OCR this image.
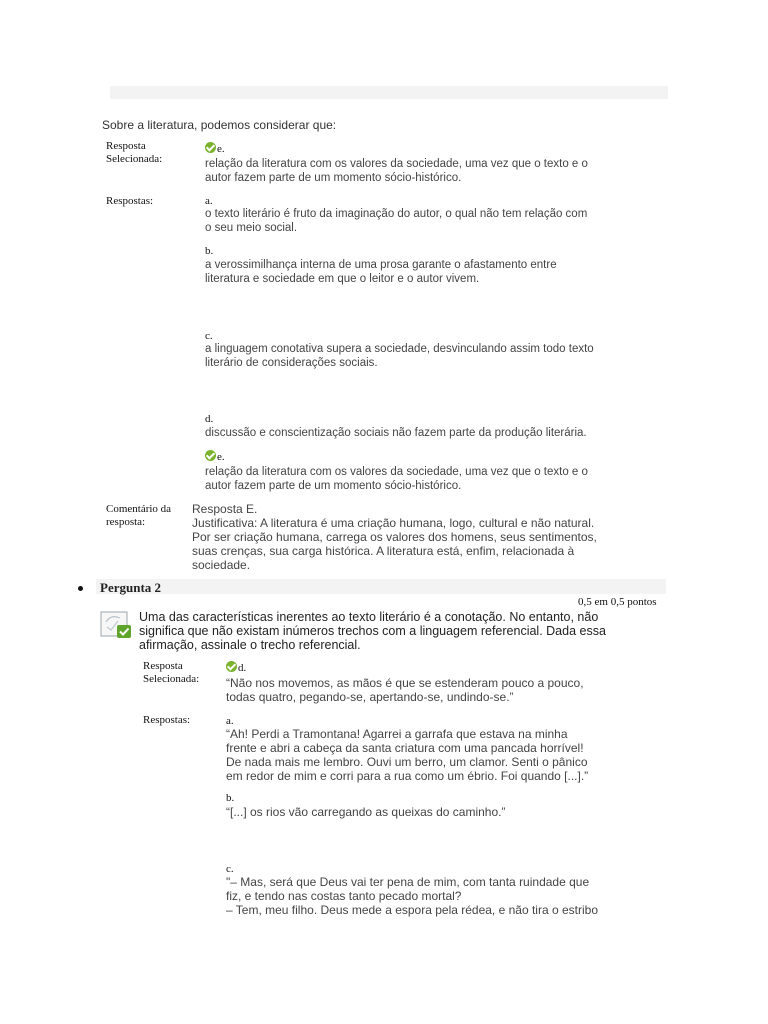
Sobre a literatura, podemos considerar que:
Resposta
Selecionada:
e.
relação da literatura com os valores da sociedade, uma vez que o texto e o
autor fazem parte de um momento sócio-histórico.
Respostas:	a.
o texto literário é fruto da imaginação do autor, o qual não tem relação com
o seu meio social.
b.
a verossimilhança interna de uma prosa garante o afastamento entre
literatura e sociedade em que o leitor e o autor vivem.
c.
a linguagem conotativa supera a sociedade, desvinculando assim todo texto
literário de considerações sociais.
d.
discussão e conscientização sociais não fazem parte da produção literária.
e.
relação da literatura com os valores da sociedade, uma vez que o texto e o
autor fazem parte de um momento sócio-histórico.
Comentário da
resposta:
Resposta E.
Justificativa: A literatura é uma criação humana, logo, cultural e não natural.
Por ser criação humana, carrega os valores dos homens, seus sentimentos,
suas crenças, sua carga histórica. A literatura está, enfim, relacionada à
sociedade.
Pergunta 2
0,5 em 0,5 pontos
Uma das características inerentes ao texto literário é a conotação. No entanto, não
significa que não existam inúmeros trechos com a linguagem referencial. Dada essa
afirmação, assinale o trecho referencial.
Resposta
Selecionada:
d.
“Não nos movemos, as mãos é que se estenderam pouco a pouco,
todas quatro, pegando-se, apertando-se, undindo-se.”
Respostas:	a.
“Ah! Perdi a Tramontana! Agarrei a garrafa que estava na minha
frente e abri a cabeça da santa criatura com uma pancada horrível!
De nada mais me lembro. Ouvi um berro, um clamor. Senti o pânico
em redor de mim e corri para a rua como um ébrio. Foi quando [...].”
b.
“[...] os rios vão carregando as queixas do caminho.”
c.
"– Mas, será que Deus vai ter pena de mim, com tanta ruindade que
fiz, e tendo nas costas tanto pecado mortal?
– Tem, meu filho. Deus mede a espora pela rédea, e não tira o estribo
